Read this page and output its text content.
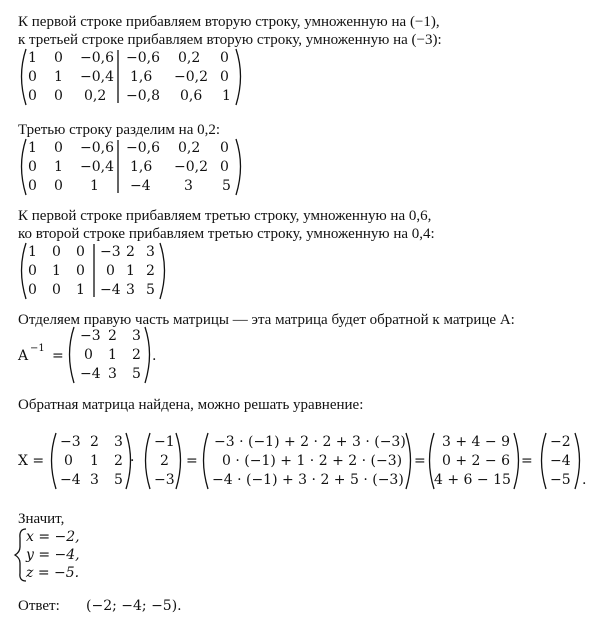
К первой строке прибавляем вторую строку, умноженную на (−1),
к третьей строке прибавляем вторую строку, умноженную на (−3):
1 0 −0,6 −0,6 0,2 0
0 1 −0,4 1,6 −0,2 0
0 0 0,2 −0,8 0,6 1
Третью строку разделим на 0,2:
1 0 −0,6 −0,6 0,2 0
0 1 −0,4 1,6 −0,2 0
0 0 1 −4 3 5
К первой строке прибавляем третью строку, умноженную на 0,6,
ко второй строке прибавляем третью строку, умноженную на 0,4:
1 0 0 −3 2 3
0 1 0 0 1 2
0 0 1 −4 3 5
Отделяем правую часть матрицы — эта матрица будет обратной к матрице А:
A −1 =
−3 2 3
0 1 2
−4 3 5
.
Обратная матрица найдена, можно решать уравнение:
X =
−3 2 3
0 1 2
−4 3 5
·
−1
2
−3
=
−3 · (−1) + 2 · 2 + 3 · (−3)
0 · (−1) + 1 · 2 + 2 · (−3)
−4 · (−1) + 3 · 2 + 5 · (−3)
=
3 + 4 − 9
0 + 2 − 6
4 + 6 − 15
=
−2
−4
−5 .
Значит,
x = −2,
y = −4,
z = −5.
Ответ: (−2; −4; −5).
